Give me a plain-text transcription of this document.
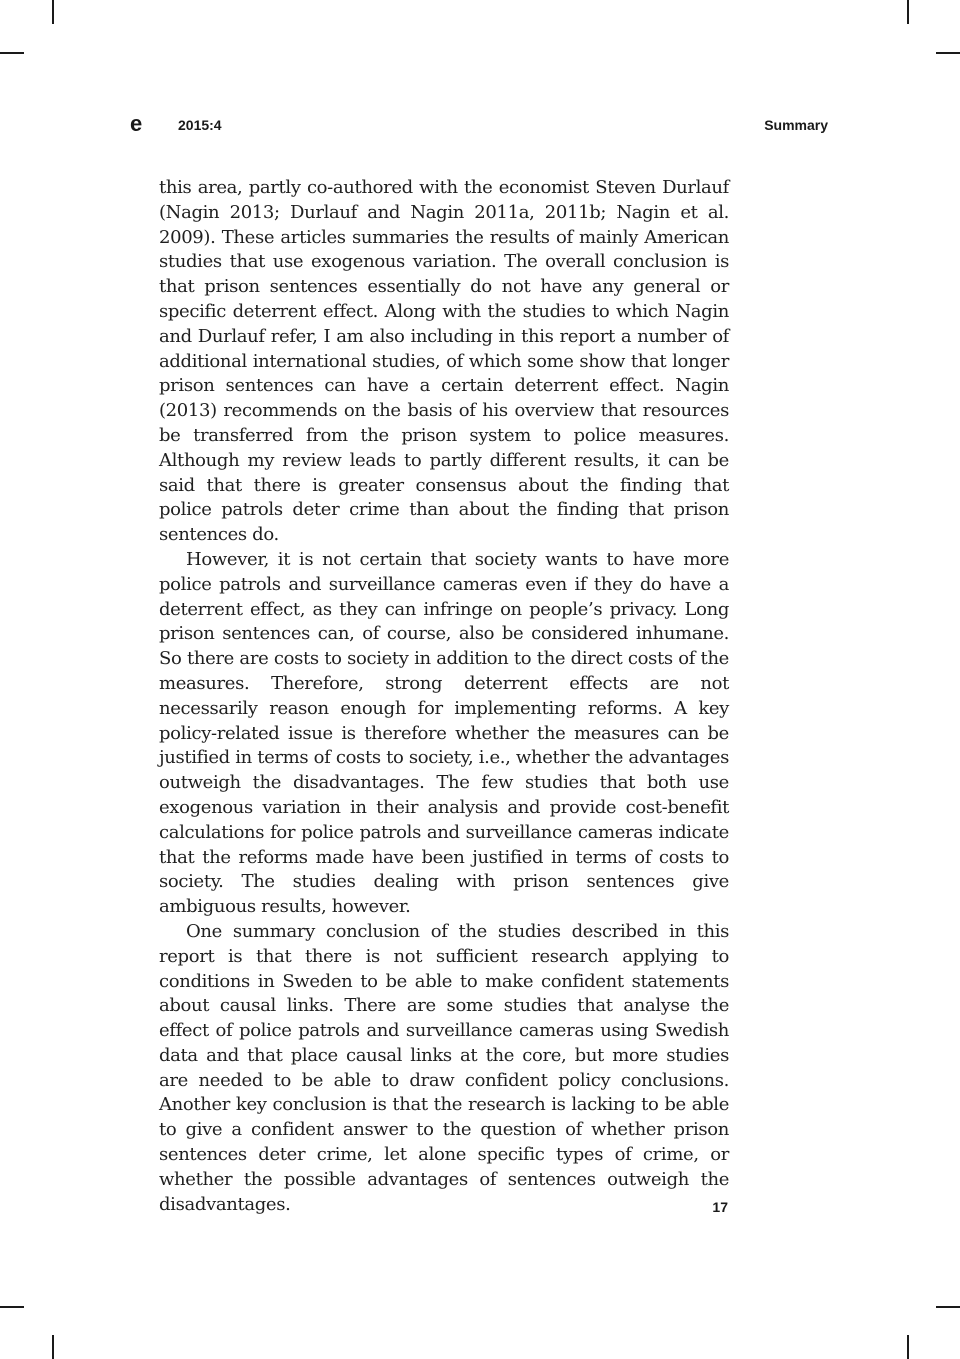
e	2015:4	Summary

this area, partly co-authored with the economist Steven Durlauf (Nagin 2013; Durlauf and Nagin 2011a, 2011b; Nagin et al. 2009). These articles summaries the results of mainly American studies that use exogenous variation. The overall conclusion is that prison sentences essentially do not have any general or specific deterrent effect. Along with the studies to which Nagin and Durlauf refer, I am also including in this report a number of additional international studies, of which some show that longer prison sentences can have a certain deterrent effect. Nagin (2013) recommends on the basis of his overview that resources be transferred from the prison system to police measures. Although my review leads to partly different results, it can be said that there is greater consensus about the finding that police patrols deter crime than about the finding that prison sentences do.

However, it is not certain that society wants to have more police patrols and surveillance cameras even if they do have a deterrent effect, as they can infringe on people’s privacy. Long prison sentences can, of course, also be considered inhumane. So there are costs to society in addition to the direct costs of the measures. Therefore, strong deterrent effects are not necessarily reason enough for implementing reforms. A key policy-related issue is therefore whether the measures can be justified in terms of costs to society, i.e., whether the advantages outweigh the disadvantages. The few studies that both use exogenous variation in their analysis and provide cost-benefit calculations for police patrols and surveillance cameras indicate that the reforms made have been justified in terms of costs to society. The studies dealing with prison sentences give ambiguous results, however.

One summary conclusion of the studies described in this report is that there is not sufficient research applying to conditions in Sweden to be able to make confident statements about causal links. There are some studies that analyse the effect of police patrols and surveillance cameras using Swedish data and that place causal links at the core, but more studies are needed to be able to draw confident policy conclusions. Another key conclusion is that the research is lacking to be able to give a confident answer to the question of whether prison sentences deter crime, let alone specific types of crime, or whether the possible advantages of sentences outweigh the disadvantages.	17
